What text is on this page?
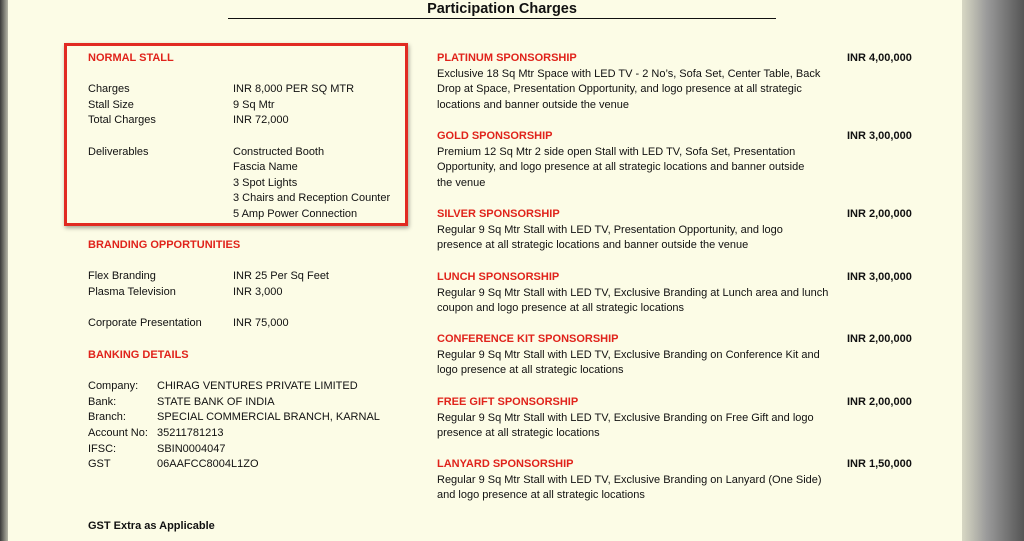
Participation Charges
NORMAL STALL
Charges	INR 8,000 PER SQ MTR
Stall Size	9 Sq Mtr
Total Charges	INR 72,000
Deliverables	Constructed Booth
Fascia Name
3 Spot Lights
3 Chairs and Reception Counter
5 Amp Power Connection
BRANDING OPPORTUNITIES
Flex Branding	INR 25 Per Sq Feet
Plasma Television	INR 3,000
Corporate Presentation	INR 75,000
BANKING DETAILS
Company:	CHIRAG VENTURES PRIVATE LIMITED
Bank:	STATE BANK OF INDIA
Branch:	SPECIAL COMMERCIAL BRANCH, KARNAL
Account No: 35211781213
IFSC:	SBIN0004047
GST	06AAFCC8004L1ZO
GST Extra as Applicable
PLATINUM SPONSORSHIP
Exclusive 18 Sq Mtr Space with LED TV - 2 No’s, Sofa Set, Center Table, Back
Drop at Space, Presentation Opportunity, and logo presence at all strategic
locations and banner outside the venue
INR 4,00,000
GOLD SPONSORSHIP
Premium 12 Sq Mtr 2 side open Stall with LED TV, Sofa Set, Presentation
Opportunity, and logo presence at all strategic locations and banner outside
the venue
INR 3,00,000
SILVER SPONSORSHIP
Regular 9 Sq Mtr Stall with LED TV, Presentation Opportunity, and logo
presence at all strategic locations and banner outside the venue
INR 2,00,000
LUNCH SPONSORSHIP
Regular 9 Sq Mtr Stall with LED TV, Exclusive Branding at Lunch area and lunch
coupon and logo presence at all strategic locations
INR 3,00,000
CONFERENCE KIT SPONSORSHIP
Regular 9 Sq Mtr Stall with LED TV, Exclusive Branding on Conference Kit and
logo presence at all strategic locations
INR 2,00,000
FREE GIFT SPONSORSHIP
Regular 9 Sq Mtr Stall with LED TV, Exclusive Branding on Free Gift and logo
presence at all strategic locations
INR 2,00,000
LANYARD SPONSORSHIP
Regular 9 Sq Mtr Stall with LED TV, Exclusive Branding on Lanyard (One Side)
and logo presence at all strategic locations
INR 1,50,000
